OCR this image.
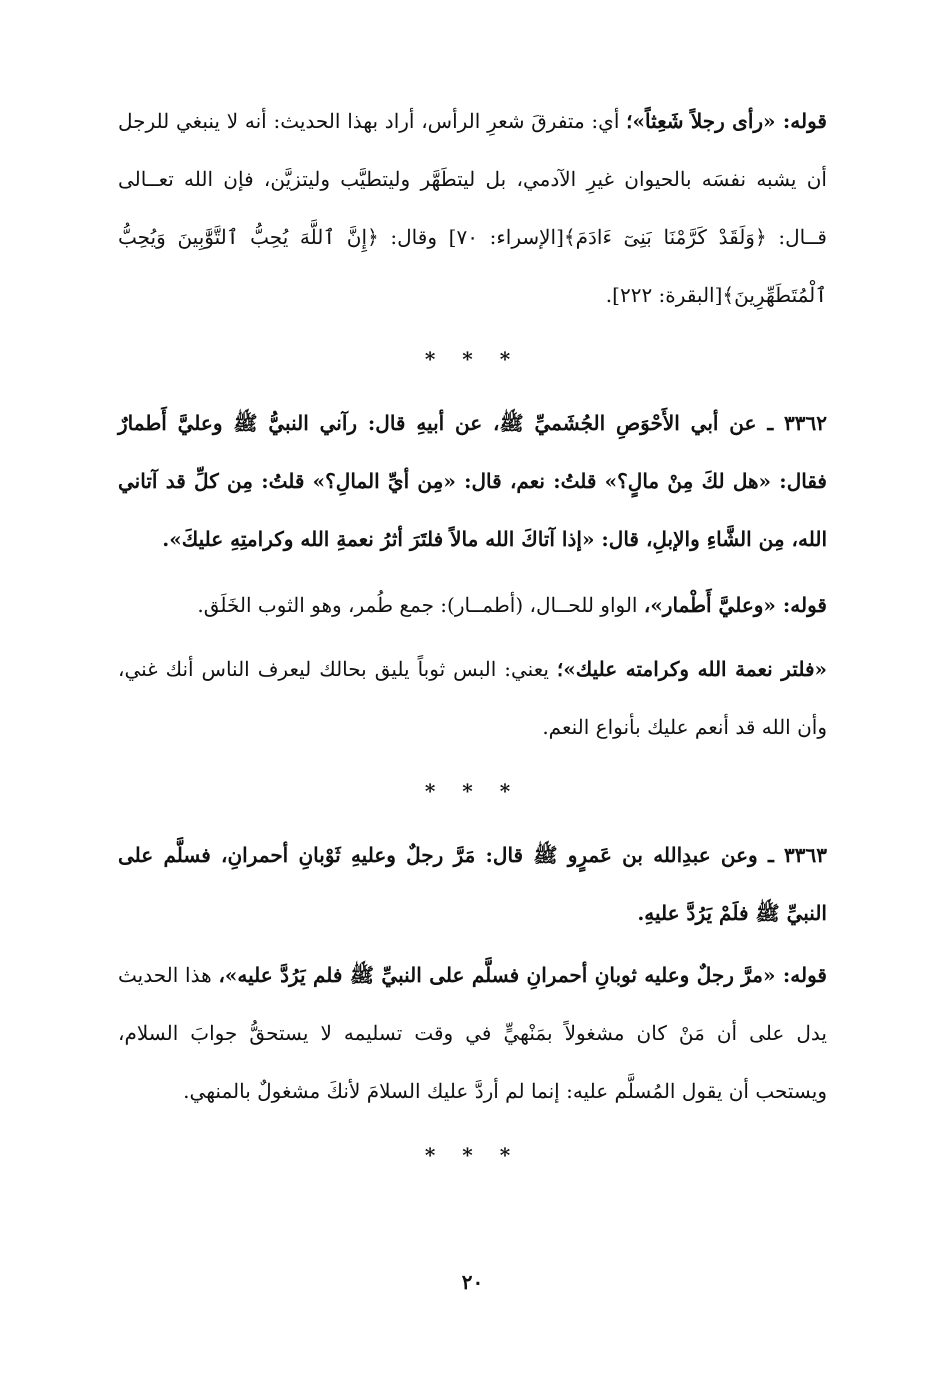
قوله: «رأى رجلاً شَعِثاً»؛ أي: متفرقَ شعرِ الرأس، أراد بهذا الحديث: أنه لا ينبغي للرجل أن يشبه نفسَه بالحيوان غيرِ الآدمي، بل ليتطَهَّر وليتطيَّب وليتزيَّن، فإن الله تعــالى قــال: ﴿وَلَقَدْ كَرَّمْنَا بَنِىٓ ءَادَمَ﴾[الإسراء: ٧٠] وقال: ﴿إِنَّ ٱللَّهَ يُحِبُّ ٱلتَّوَّٰبِينَ وَيُحِبُّ ٱلْمُتَطَهِّرِينَ﴾[البقرة: ٢٢٢].

* * *

٣٣٦٢ ـ عن أبي الأَحْوَصِ الجُشَميِّ ﷺ، عن أبيهِ قال: رآني النبيُّ ﷺ وعليَّ أَطمارٌ فقال: «هل لكَ مِنْ مالٍ؟» قلتُ: نعم، قال: «مِن أيِّ المالِ؟» قلتُ: مِن كلِّ قد آتاني الله، مِن الشَّاءِ والإبلِ، قال: «إذا آتاكَ الله مالاً فلتَرَ أثرُ نعمةِ الله وكرامتِهِ عليكَ».

قوله: «وعليَّ أَطْمار»، الواو للحــال، (أطمــار): جمع طُمر، وهو الثوب الخَلَق.

«فلتر نعمة الله وكرامته عليك»؛ يعني: البس ثوباً يليق بحالك ليعرف الناس أنك غني، وأن الله قد أنعم عليك بأنواع النعم.

* * *

٣٣٦٣ ـ وعن عبدِالله بن عَمرٍو ﷺ قال: مَرَّ رجلٌ وعليهِ ثَوْبانِ أحمرانِ، فسلَّم على النبيِّ ﷺ فلَمْ يَرُدَّ عليهِ.

قوله: «مرَّ رجلٌ وعليه ثوبانِ أحمرانِ فسلَّم على النبيِّ ﷺ فلم يَرُدَّ عليه»، هذا الحديث يدل على أن مَنْ كان مشغولاً بمَنْهيٍّ في وقت تسليمه لا يستحقُّ جوابَ السلام، ويستحب أن يقول المُسلَّم عليه: إنما لم أردَّ عليك السلامَ لأنكَ مشغولٌ بالمنهي.

* * *
٢٠
